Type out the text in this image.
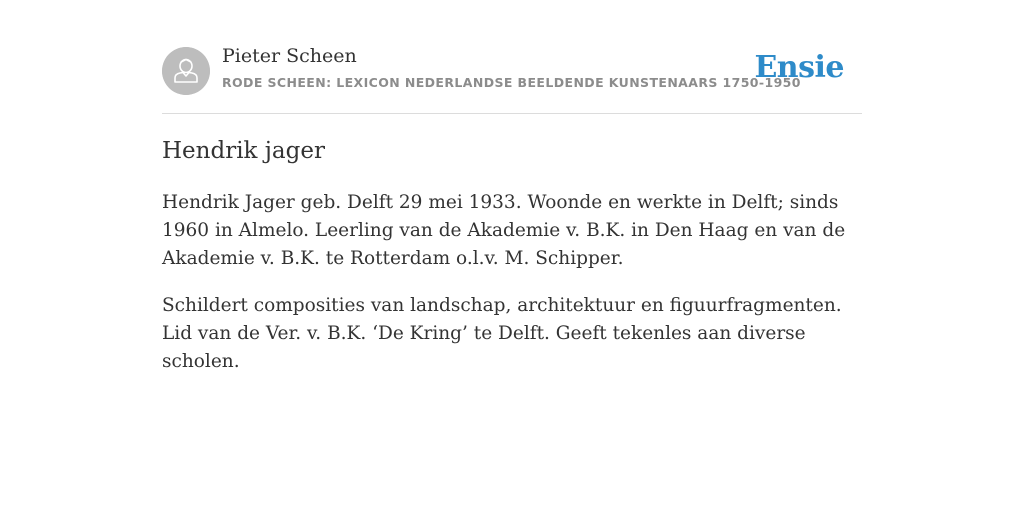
Pieter Scheen
RODE SCHEEN: LEXICON NEDERLANDSE BEELDENDE KUNSTENAARS 1750-1950
Ensie
Hendrik jager

Hendrik Jager geb. Delft 29 mei 1933. Woonde en werkte in Delft; sinds 1960 in Almelo. Leerling van de Akademie v. B.K. in Den Haag en van de Akademie v. B.K. te Rotterdam o.l.v. M. Schipper.

Schildert composities van landschap, architektuur en figuurfragmenten. Lid van de Ver. v. B.K. ‘De Kring’ te Delft. Geeft tekenles aan diverse scholen.
